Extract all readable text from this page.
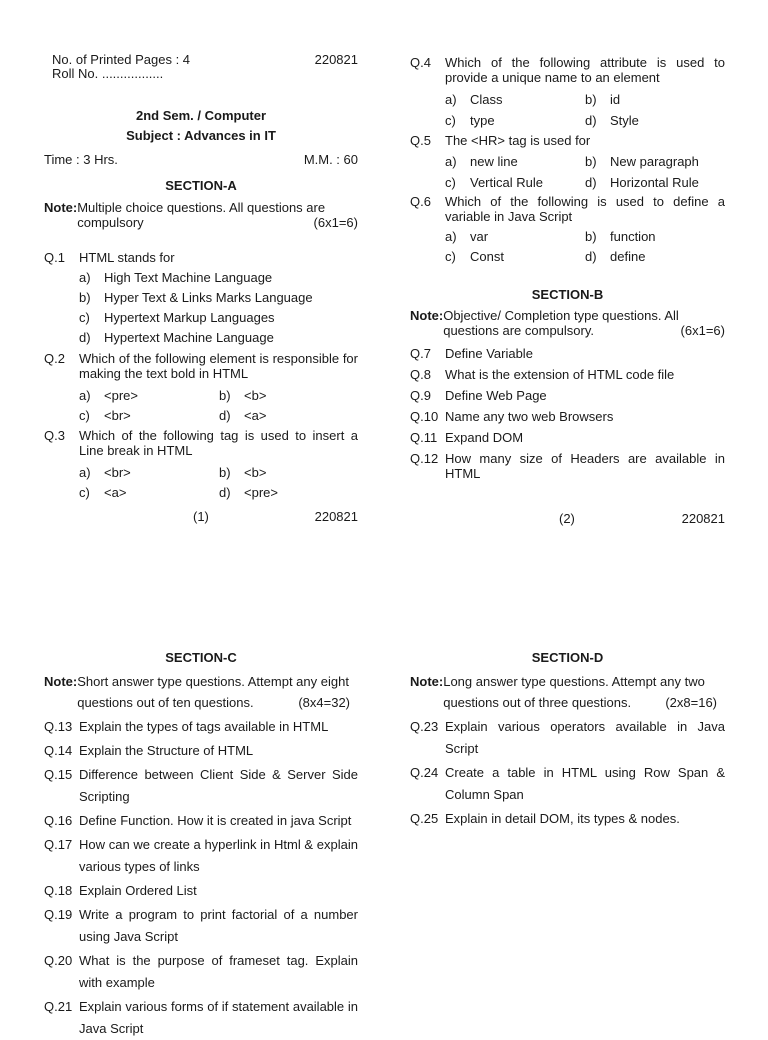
No. of Printed Pages : 4	220821
Roll No. .................
2nd Sem. / Computer
Subject : Advances in IT
Time : 3 Hrs.	M.M. : 60
SECTION-A
Note: Multiple choice questions. All questions are
compulsory	(6x1=6)
Q.1	HTML stands for
a)	High Text Machine Language
b)	Hyper Text & Links Marks Language
c)	Hypertext Markup Languages
d)	Hypertext Machine Language
Q.2	Which of the following element is responsible for making the text bold in HTML
a)	<pre>	b)	<b>
c)	<br>	d)	<a>
Q.3	Which of the following tag is used to insert a Line break in HTML
a)	<br>	b)	<b>
c)	<a>	d)	<pre>
(1)	220821
Q.4	Which of the following attribute is used to provide a unique name to an element
a)	Class	b)	id
c)	type	d)	Style
Q.5	The <HR> tag is used for
a)	new line	b)	New paragraph
c)	Vertical Rule	d)	Horizontal Rule
Q.6	Which of the following is used to define a variable in Java Script
a)	var	b)	function
c)	Const	d)	define
SECTION-B
Note: Objective/ Completion type questions. All
questions are compulsory.	(6x1=6)
Q.7	Define Variable
Q.8	What is the extension of HTML code file
Q.9	Define Web Page
Q.10 Name any two web Browsers
Q.11 Expand DOM
Q.12 How many size of Headers are available in HTML
(2)	220821
SECTION-C
Note: Short answer type questions. Attempt any eight
questions out of ten questions.	(8x4=32)
Q.13 Explain the types of tags available in HTML
Q.14 Explain the Structure of HTML
Q.15 Difference between Client Side & Server Side Scripting
Q.16 Define Function. How it is created in java Script
Q.17 How can we create a hyperlink in Html & explain various types of links
Q.18 Explain Ordered List
Q.19 Write a program to print factorial of a number using Java Script
Q.20 What is the purpose of frameset tag. Explain with example
Q.21 Explain various forms of if statement available in Java Script
SECTION-D
Note: Long answer type questions. Attempt any two
questions out of three questions.	(2x8=16)
Q.23 Explain various operators available in Java Script
Q.24 Create a table in HTML using Row Span & Column Span
Q.25 Explain in detail DOM, its types & nodes.
